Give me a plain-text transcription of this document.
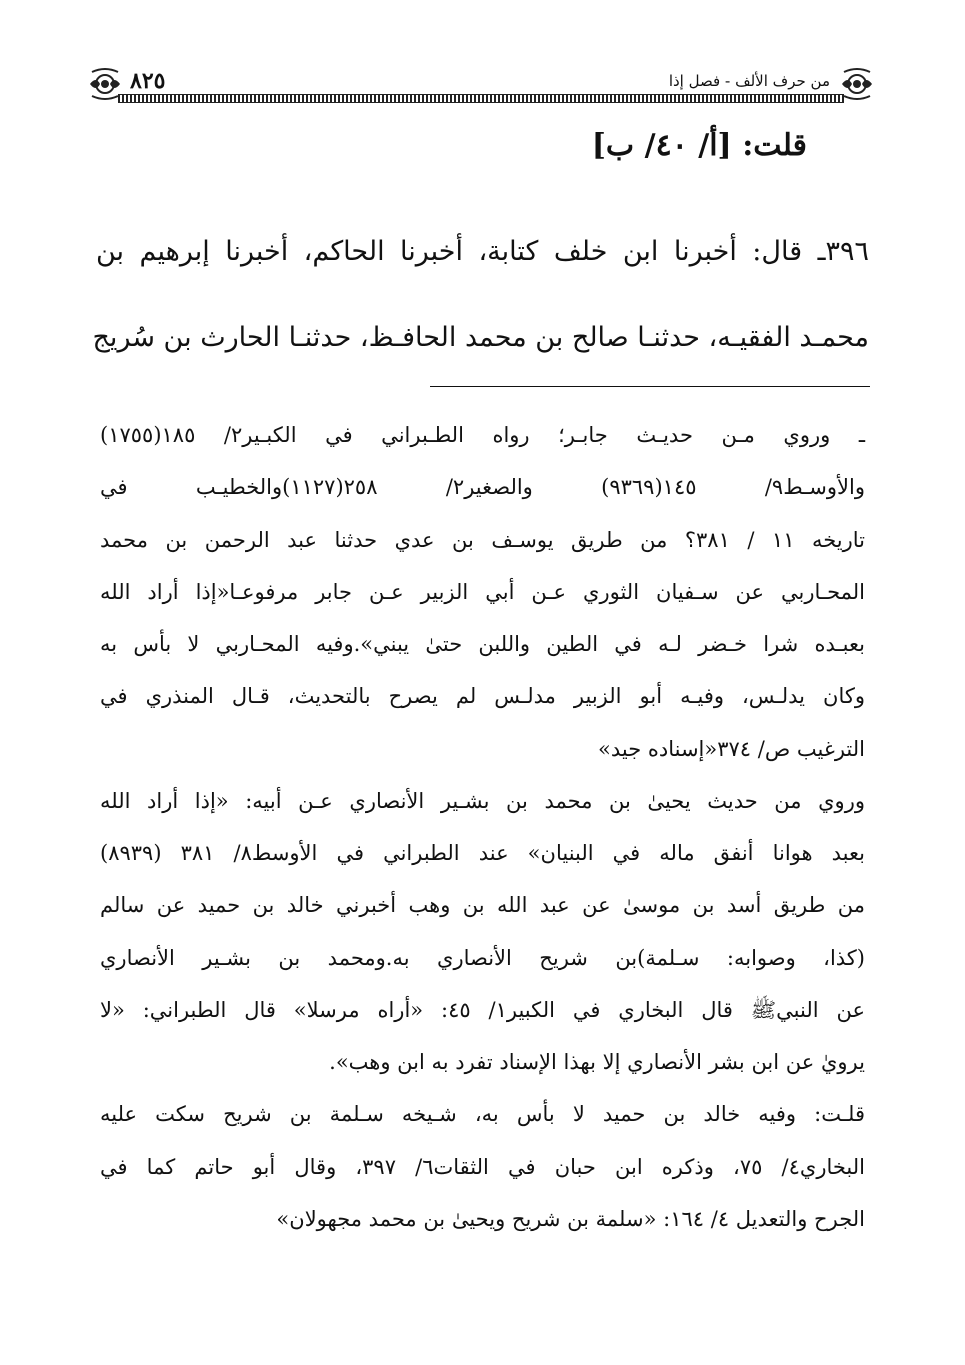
من حرف الألف - فصل إذا
٨٢٥
قلت: [أ/ ٤٠/ ب]
٣٩٦ـ قال: أخبرنا ابن خلف كتابة، أخبرنا الحاكم، أخبرنا إبرهيم بن
محمـد الفقيـه، حدثنـا صالح بن محمد الحافـظ، حدثنـا الحارث بن سُريج
ـ وروي مـن حديـث جابـر؛ رواه الطـبراني في الكبـير٢/ ١٨٥(١٧٥٥)
والأوسـط٩/ ١٤٥(٩٣٦٩) والصغير٢/ ٢٥٨(١١٢٧)والخطيـب في
تاريخه ١١ / ٣٨١؟ من طريق يوسـف بن عدي حدثنا عبد الرحمن بن محمد
المحـاربي عن سـفيان الثوري عـن أبي الزبير عـن جابر مرفوعـا«إذا أراد الله
بعبـده شرا خـضر لـه في الطين واللبن حتىٰ يبني».وفيه المحـاربي لا بأس به
وكان يدلـس، وفيـه أبو الزبير مدلـس لم يصرح بالتحديث، قـال المنذري في
الترغيب ص/ ٣٧٤«إسناده جيد»
وروي من حديث يحيىٰ بن محمد بن بشـير الأنصاري عـن أبيه: «إذا أراد الله
بعبد هوانا أنفق ماله في البنيان» عند الطبراني في الأوسط٨/ ٣٨١ (٨٩٣٩)
من طريق أسد بن موسىٰ عن عبد الله بن وهب أخبرني خالد بن حميد عن سالم
(كذا، وصوابه: سـلمة)بن شريح الأنصاري به.ومحمد بن بشـير الأنصاري
عن النبيﷺ قال البخاري في الكبير١/ ٤٥: «أراه مرسلا» قال الطبراني: «لا
يرويٰ عن ابن بشر الأنصاري إلا بهذا الإسناد تفرد به ابن وهب».
قلـت: وفيه خالد بن حميد لا بأس به، شـيخه سـلمة بن شريح سكت عليه
البخاري٤/ ٧٥، وذكره ابن حبان في الثقات٦/ ٣٩٧، وقال أبو حاتم كما في
الجرح والتعديل ٤/ ١٦٤: «سلمة بن شريح ويحيىٰ بن محمد مجهولان»
